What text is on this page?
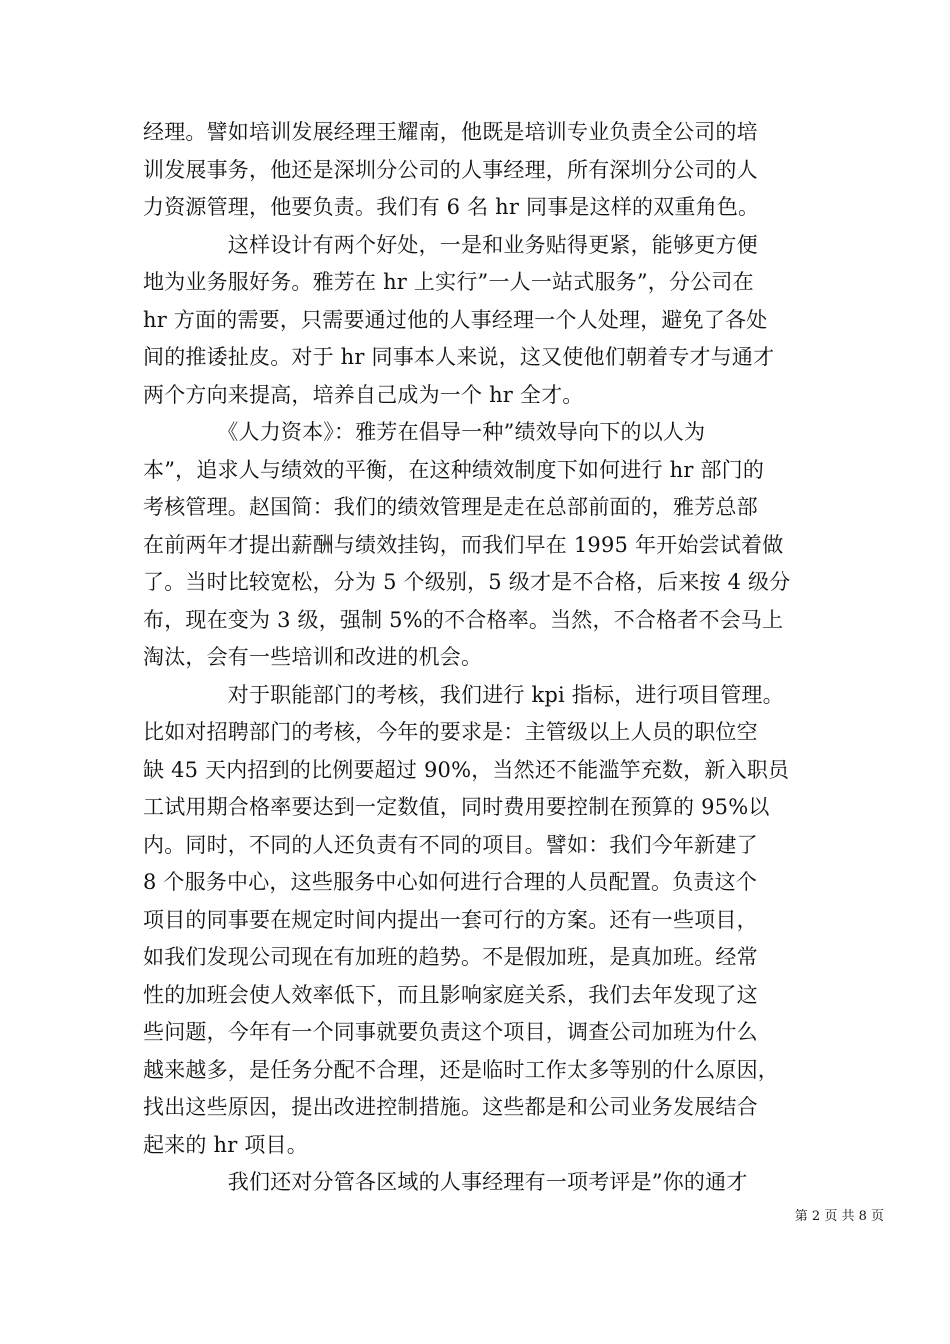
经理。譬如培训发展经理王耀南，他既是培训专业负责全公司的培
训发展事务，他还是深圳分公司的人事经理，所有深圳分公司的人
力资源管理，他要负责。我们有 6 名 hr 同事是这样的双重角色。
　　　　这样设计有两个好处，一是和业务贴得更紧，能够更方便
地为业务服好务。雅芳在 hr 上实行”一人一站式服务”，分公司在
hr 方面的需要，只需要通过他的人事经理一个人处理，避免了各处
间的推诿扯皮。对于 hr 同事本人来说，这又使他们朝着专才与通才
两个方向来提高，培养自己成为一个 hr 全才。
　　　　《人力资本》：雅芳在倡导一种”绩效导向下的以人为
本”，追求人与绩效的平衡，在这种绩效制度下如何进行 hr 部门的
考核管理。赵国简：我们的绩效管理是走在总部前面的，雅芳总部
在前两年才提出薪酬与绩效挂钩，而我们早在 1995 年开始尝试着做
了。当时比较宽松，分为 5 个级别，5 级才是不合格，后来按 4 级分
布，现在变为 3 级，强制 5%的不合格率。当然，不合格者不会马上
淘汰，会有一些培训和改进的机会。
　　　　对于职能部门的考核，我们进行 kpi 指标，进行项目管理。
比如对招聘部门的考核，今年的要求是：主管级以上人员的职位空
缺 45 天内招到的比例要超过 90%，当然还不能滥竽充数，新入职员
工试用期合格率要达到一定数值，同时费用要控制在预算的 95%以
内。同时，不同的人还负责有不同的项目。譬如：我们今年新建了
8 个服务中心，这些服务中心如何进行合理的人员配置。负责这个
项目的同事要在规定时间内提出一套可行的方案。还有一些项目，
如我们发现公司现在有加班的趋势。不是假加班，是真加班。经常
性的加班会使人效率低下，而且影响家庭关系，我们去年发现了这
些问题，今年有一个同事就要负责这个项目，调查公司加班为什么
越来越多，是任务分配不合理，还是临时工作太多等别的什么原因，
找出这些原因，提出改进控制措施。这些都是和公司业务发展结合
起来的 hr 项目。
　　　　我们还对分管各区域的人事经理有一项考评是”你的通才
第 2 页 共 8 页
